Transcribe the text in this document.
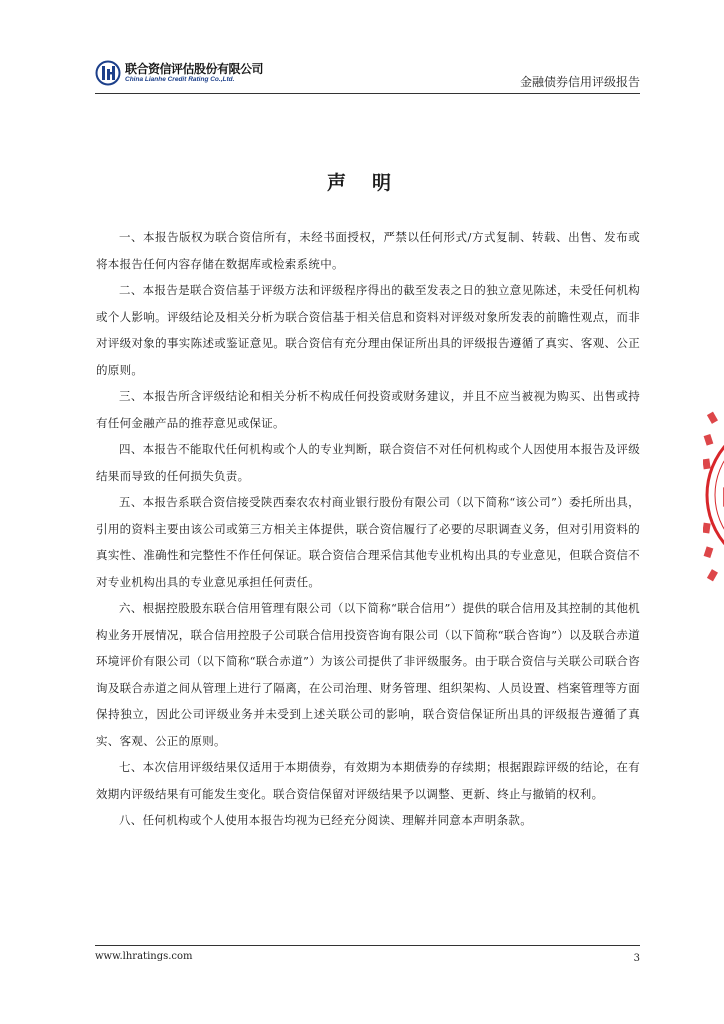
联合资信评估股份有限公司
China Lianhe Credit Rating Co.,Ltd.	金融债券信用评级报告
声明

一、本报告版权为联合资信所有，未经书面授权，严禁以任何形式/方式复制、转载、出售、发布或将本报告任何内容存储在数据库或检索系统中。

二、本报告是联合资信基于评级方法和评级程序得出的截至发表之日的独立意见陈述，未受任何机构或个人影响。评级结论及相关分析为联合资信基于相关信息和资料对评级对象所发表的前瞻性观点，而非对评级对象的事实陈述或鉴证意见。联合资信有充分理由保证所出具的评级报告遵循了真实、客观、公正的原则。

三、本报告所含评级结论和相关分析不构成任何投资或财务建议，并且不应当被视为购买、出售或持有任何金融产品的推荐意见或保证。

四、本报告不能取代任何机构或个人的专业判断，联合资信不对任何机构或个人因使用本报告及评级结果而导致的任何损失负责。

五、本报告系联合资信接受陕西秦农农村商业银行股份有限公司（以下简称“该公司”）委托所出具，引用的资料主要由该公司或第三方相关主体提供，联合资信履行了必要的尽职调查义务，但对引用资料的真实性、准确性和完整性不作任何保证。联合资信合理采信其他专业机构出具的专业意见，但联合资信不对专业机构出具的专业意见承担任何责任。

六、根据控股股东联合信用管理有限公司（以下简称“联合信用”）提供的联合信用及其控制的其他机构业务开展情况，联合信用控股子公司联合信用投资咨询有限公司（以下简称“联合咨询”）以及联合赤道环境评价有限公司（以下简称“联合赤道”）为该公司提供了非评级服务。由于联合资信与关联公司联合咨询及联合赤道之间从管理上进行了隔离，在公司治理、财务管理、组织架构、人员设置、档案管理等方面保持独立，因此公司评级业务并未受到上述关联公司的影响，联合资信保证所出具的评级报告遵循了真实、客观、公正的原则。

七、本次信用评级结果仅适用于本期债券，有效期为本期债券的存续期；根据跟踪评级的结论，在有效期内评级结果有可能发生变化。联合资信保留对评级结果予以调整、更新、终止与撤销的权利。

八、任何机构或个人使用本报告均视为已经充分阅读、理解并同意本声明条款。

www.lhratings.com	3
